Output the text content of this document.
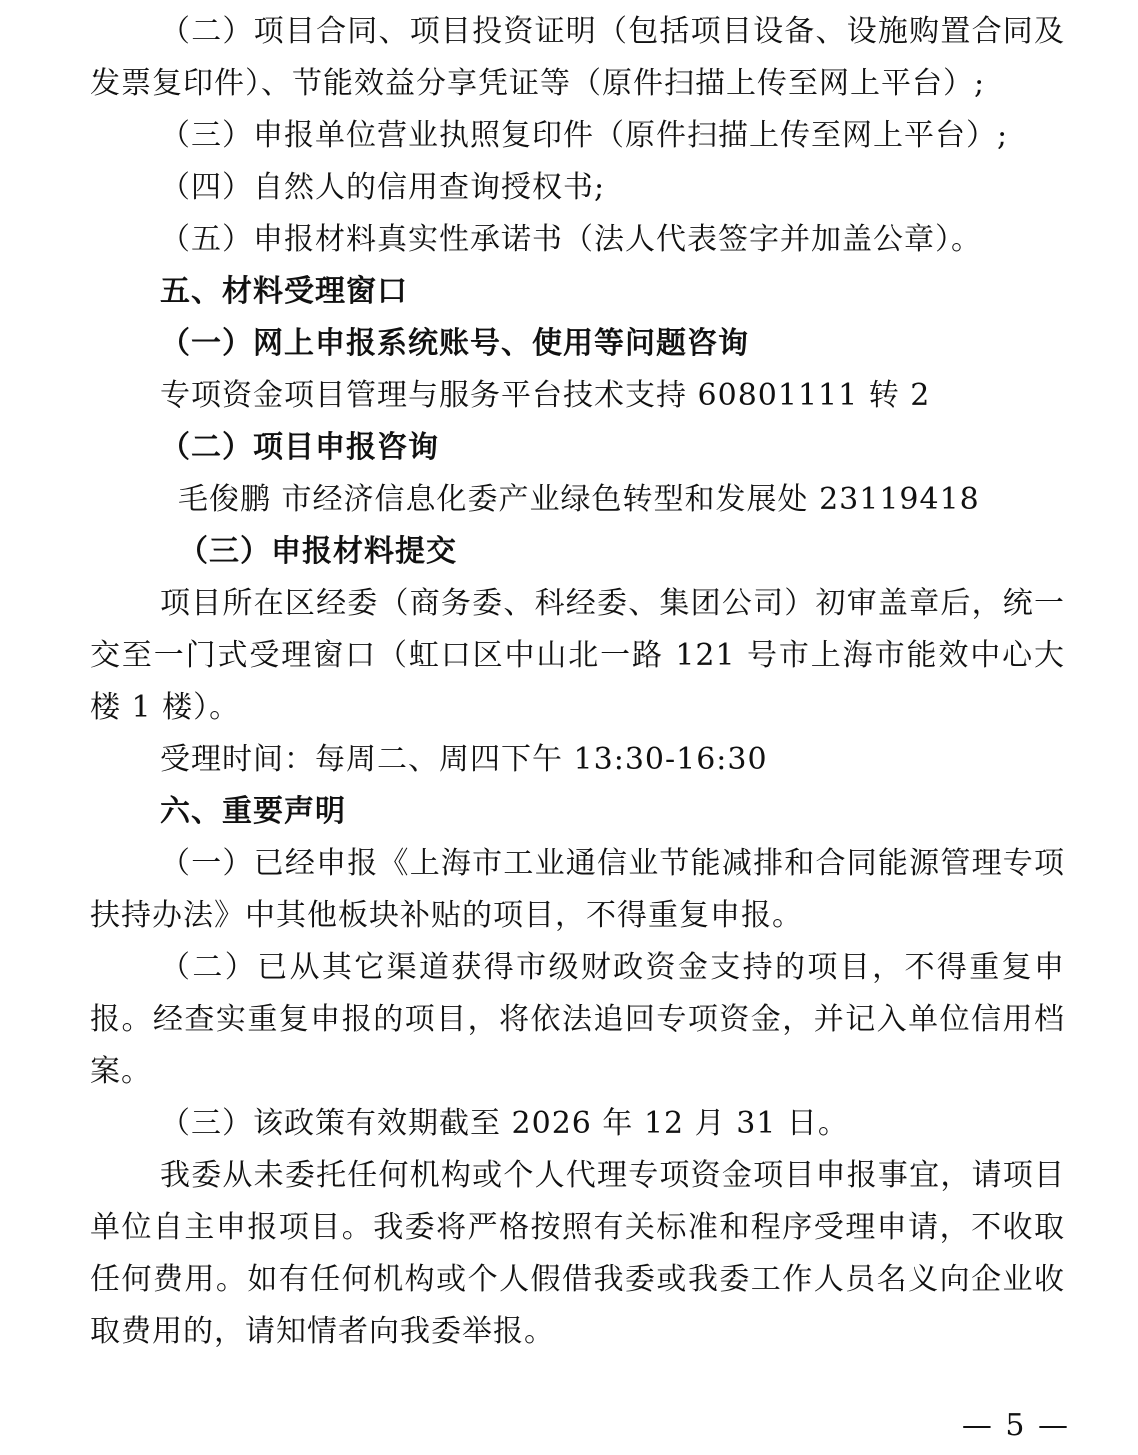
（二）项目合同、项目投资证明（包括项目设备、设施购置合同及发票复印件）、节能效益分享凭证等（原件扫描上传至网上平台）;

（三）申报单位营业执照复印件（原件扫描上传至网上平台）;

（四）自然人的信用查询授权书;

（五）申报材料真实性承诺书（法人代表签字并加盖公章）。

五、材料受理窗口

（一）网上申报系统账号、使用等问题咨询

专项资金项目管理与服务平台技术支持 60801111 转 2

（二）项目申报咨询

毛俊鹏 市经济信息化委产业绿色转型和发展处 23119418

（三）申报材料提交

项目所在区经委（商务委、科经委、集团公司）初审盖章后，统一交至一门式受理窗口（虹口区中山北一路 121 号市上海市能效中心大楼 1 楼）。

受理时间：每周二、周四下午 13:30-16:30

六、重要声明

（一）已经申报《上海市工业通信业节能减排和合同能源管理专项扶持办法》中其他板块补贴的项目，不得重复申报。

（二）已从其它渠道获得市级财政资金支持的项目，不得重复申报。经查实重复申报的项目，将依法追回专项资金，并记入单位信用档案。

（三）该政策有效期截至 2026 年 12 月 31 日。

我委从未委托任何机构或个人代理专项资金项目申报事宜，请项目单位自主申报项目。我委将严格按照有关标准和程序受理申请，不收取任何费用。如有任何机构或个人假借我委或我委工作人员名义向企业收取费用的，请知情者向我委举报。

— 5 —
